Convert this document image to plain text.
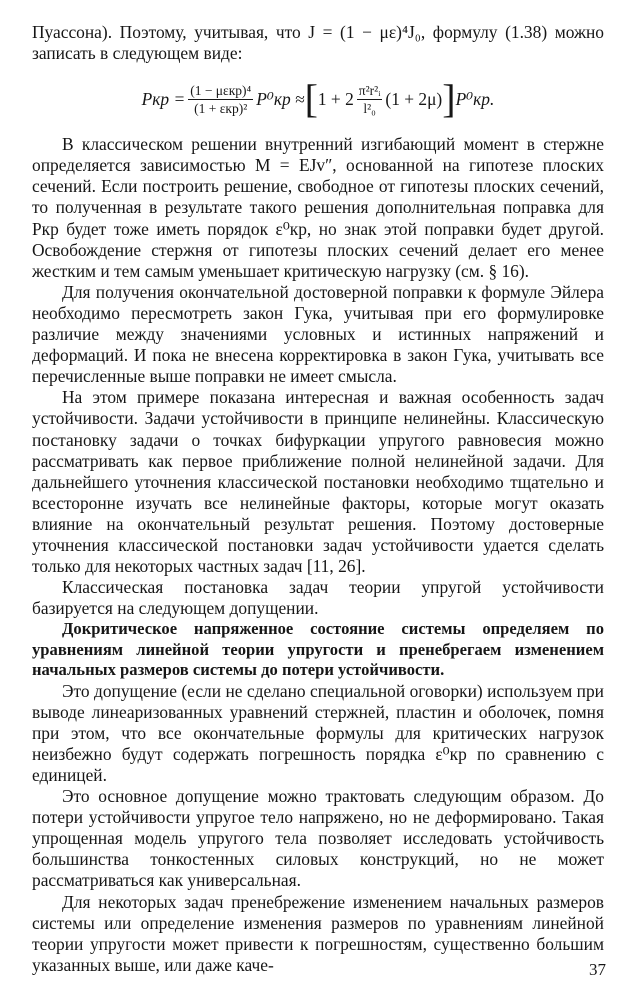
Пуассона). Поэтому, учитывая, что J = (1 − με)⁴J₀, формулу (1.38) можно записать в следующем виде:

Pкр = $\frac{\text{(1 − μεкр)⁴}}{\text{(1 + εкр)²}} P^0кр$ ≈ [ $1 + 2 \frac{\text{π²r²ᵢ}}{\text{l²₀}} (1 + 2\mu)$ ] P⁰кр.

В классическом решении внутренний изгибающий момент в стержне определяется зависимостью M = EJv″, основанной на гипотезе плоских сечений. Если построить решение, свободное от гипотезы плоских сечений, то полученная в результате такого решения дополнительная поправка для Pкр будет тоже иметь порядок ε⁰кр, но знак этой поправки будет другой. Освобождение стержня от гипотезы плоских сечений делает его менее жестким и тем самым уменьшает критическую нагрузку (см. § 16).

Для получения окончательной достоверной поправки к формуле Эйлера необходимо пересмотреть закон Гука, учитывая при его формулировке различие между значениями условных и истинных напряжений и деформаций. И пока не внесена корректировка в закон Гука, учитывать все перечисленные выше поправки не имеет смысла.

На этом примере показана интересная и важная особенность задач устойчивости. Задачи устойчивости в принципе нелинейны. Классическую постановку задачи о точках бифуркации упругого равновесия можно рассматривать как первое приближение полной нелинейной задачи. Для дальнейшего уточнения классической постановки необходимо тщательно и всесторонне изучать все нелинейные факторы, которые могут оказать влияние на окончательный результат решения. Поэтому достоверные уточнения классической постановки задач устойчивости удается сделать только для некоторых частных задач [11, 26].

Классическая постановка задач теории упругой устойчивости базируется на следующем допущении.

Докритическое напряженное состояние системы определяем по уравнениям линейной теории упругости и пренебрегаем изменением начальных размеров системы до потери устойчивости.

Это допущение (если не сделано специальной оговорки) используем при выводе линеаризованных уравнений стержней, пластин и оболочек, помня при этом, что все окончательные формулы для критических нагрузок неизбежно будут содержать погрешность порядка ε⁰кр по сравнению с единицей.

Это основное допущение можно трактовать следующим образом. До потери устойчивости упругое тело напряжено, но не деформировано. Такая упрощенная модель упругого тела позволяет исследовать устойчивость большинства тонкостенных силовых конструкций, но не может рассматриваться как универсальная.

Для некоторых задач пренебрежение изменением начальных размеров системы или определение изменения размеров по уравнениям линейной теории упругости может привести к погрешностям, существенно большим указанных выше, или даже каче-	37
